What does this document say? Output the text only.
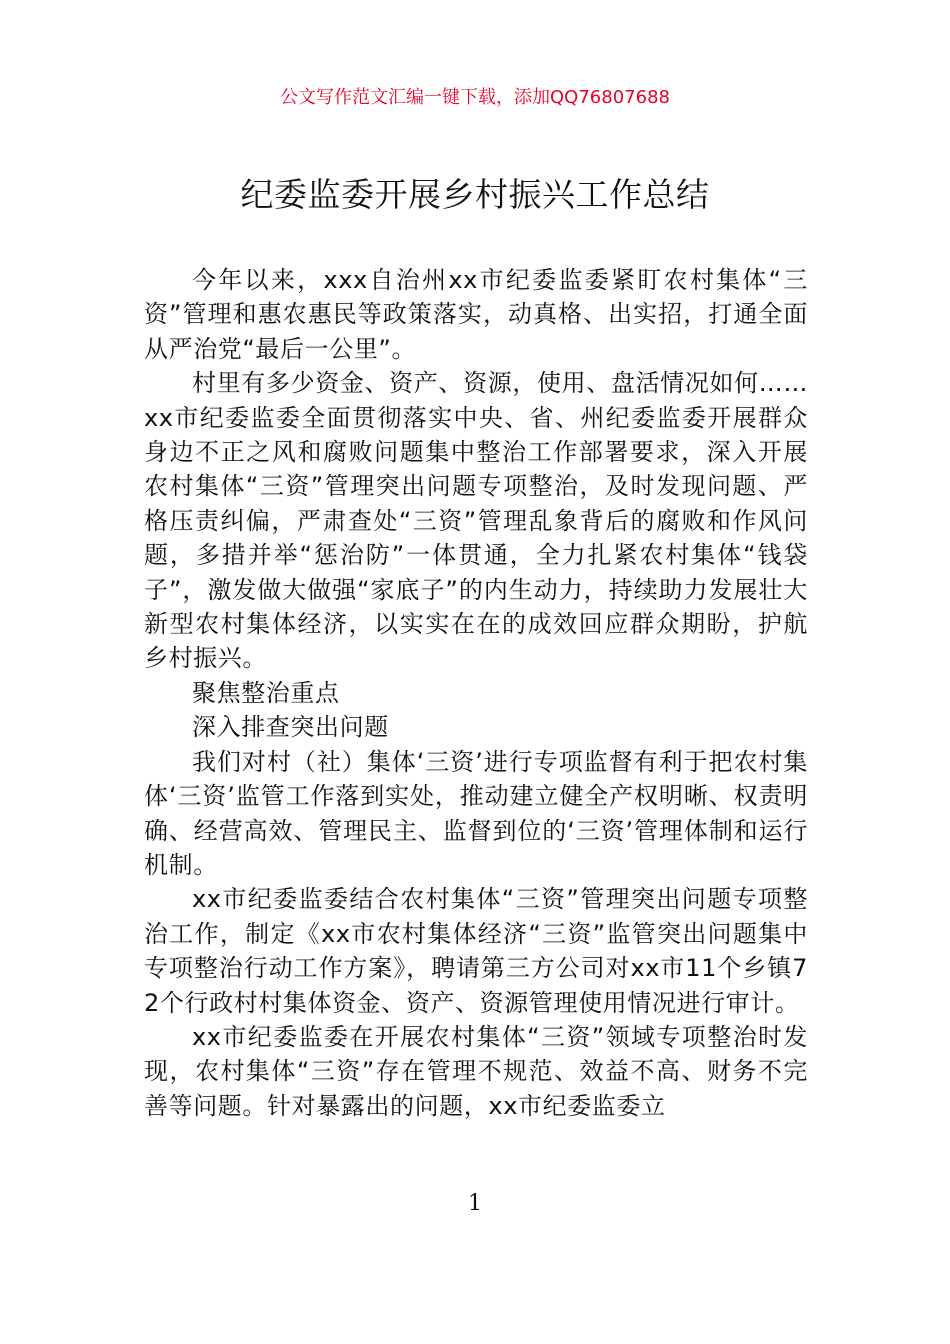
公文写作范文汇编一键下载，添加QQ76807688
纪委监委开展乡村振兴工作总结

今年以来，xxx自治州xx市纪委监委紧盯农村集体“三资”管理和惠农惠民等政策落实，动真格、出实招，打通全面从严治党“最后一公里”。

村里有多少资金、资产、资源，使用、盘活情况如何……xx市纪委监委全面贯彻落实中央、省、州纪委监委开展群众身边不正之风和腐败问题集中整治工作部署要求，深入开展农村集体“三资”管理突出问题专项整治，及时发现问题、严格压责纠偏，严肃查处“三资”管理乱象背后的腐败和作风问题，多措并举“惩治防”一体贯通，全力扎紧农村集体“钱袋子”，激发做大做强“家底子”的内生动力，持续助力发展壮大新型农村集体经济，以实实在在的成效回应群众期盼，护航乡村振兴。

聚焦整治重点

深入排查突出问题

我们对村（社）集体‘三资’进行专项监督有利于把农村集体‘三资’监管工作落到实处，推动建立健全产权明晰、权责明确、经营高效、管理民主、监督到位的‘三资’管理体制和运行机制。

xx市纪委监委结合农村集体“三资”管理突出问题专项整治工作，制定《xx市农村集体经济“三资”监管突出问题集中专项整治行动工作方案》，聘请第三方公司对xx市11个乡镇72个行政村村集体资金、资产、资源管理使用情况进行审计。

xx市纪委监委在开展农村集体“三资”领域专项整治时发现，农村集体“三资”存在管理不规范、效益不高、财务不完善等问题。针对暴露出的问题，xx市纪委监委立

1
